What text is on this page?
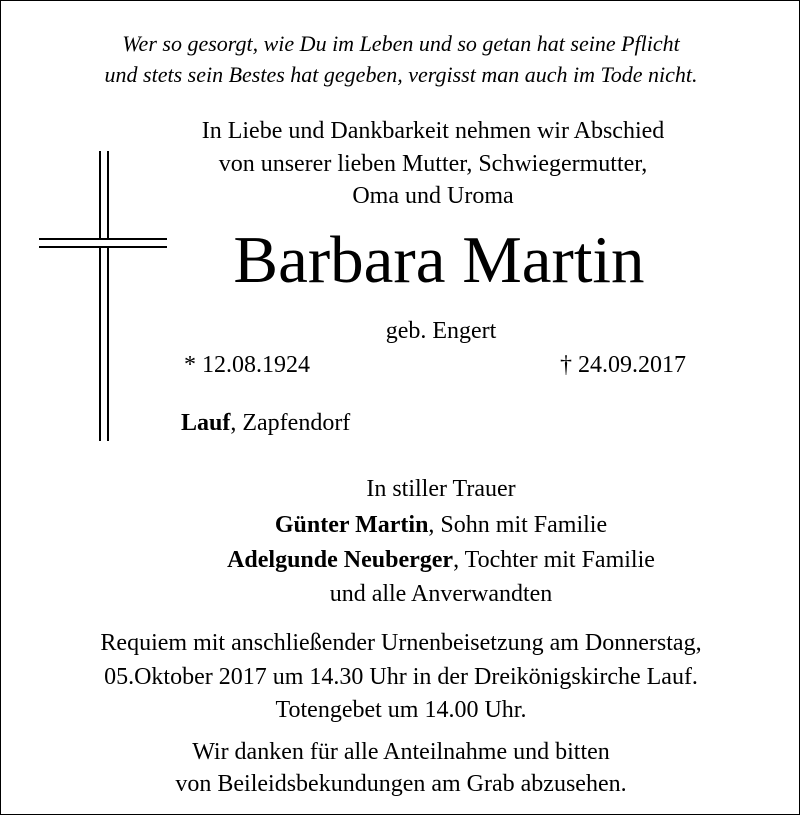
Wer so gesorgt, wie Du im Leben und so getan hat seine Pflicht
und stets sein Bestes hat gegeben, vergisst man auch im Tode nicht.
In Liebe und Dankbarkeit nehmen wir Abschied
von unserer lieben Mutter, Schwiegermutter,
Oma und Uroma
Barbara Martin
geb. Engert
* 12.08.1924	† 24.09.2017
Lauf, Zapfendorf
In stiller Trauer
Günter Martin, Sohn mit Familie
Adelgunde Neuberger, Tochter mit Familie
und alle Anverwandten
Requiem mit anschließender Urnenbeisetzung am Donnerstag,
05.Oktober 2017 um 14.30 Uhr in der Dreikönigskirche Lauf.
Totengebet um 14.00 Uhr.
Wir danken für alle Anteilnahme und bitten
von Beileidsbekundungen am Grab abzusehen.
